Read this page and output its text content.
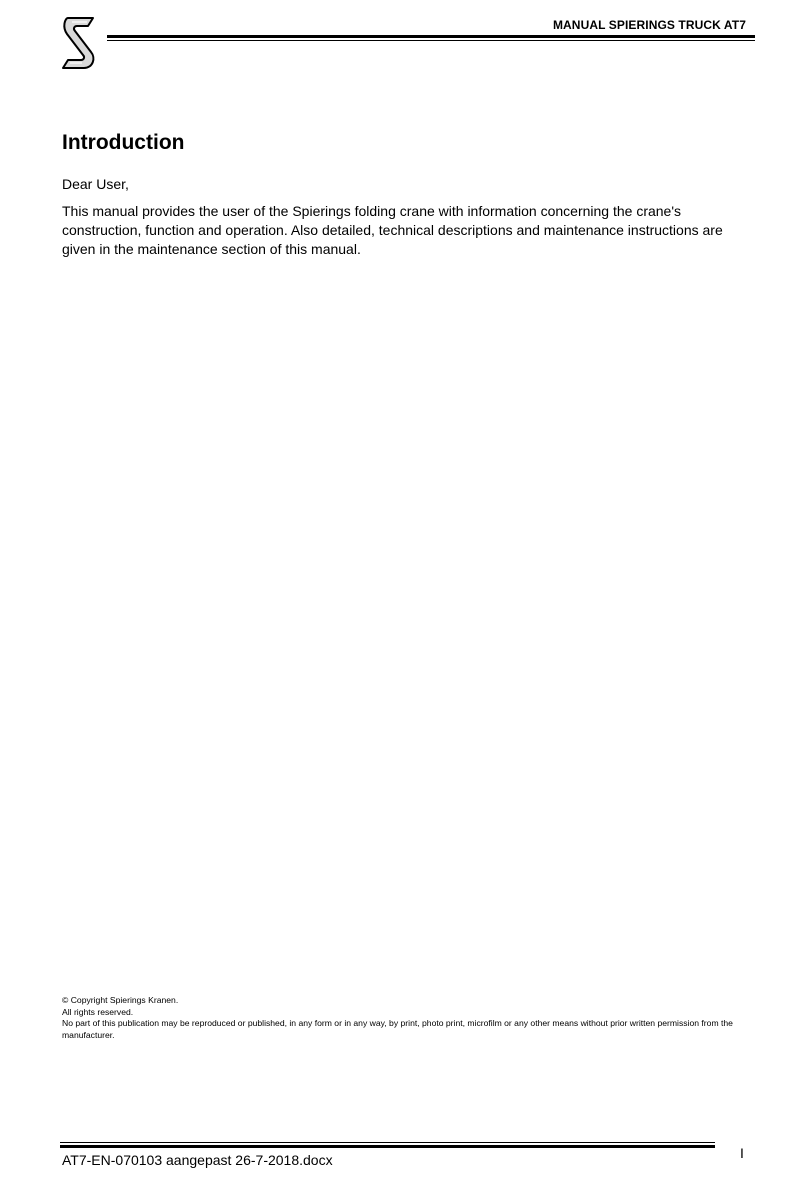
MANUAL SPIERINGS TRUCK AT7
Introduction

Dear User,

This manual provides the user of the Spierings folding crane with information concerning the crane's construction, function and operation. Also detailed, technical descriptions and maintenance instructions are given in the maintenance section of this manual.

© Copyright Spierings Kranen.
All rights reserved.
No part of this publication may be reproduced or published, in any form or in any way, by print, photo print, microfilm or any other means without prior written permission from the manufacturer.
AT7-EN-070103 aangepast 26-7-2018.docx	I
